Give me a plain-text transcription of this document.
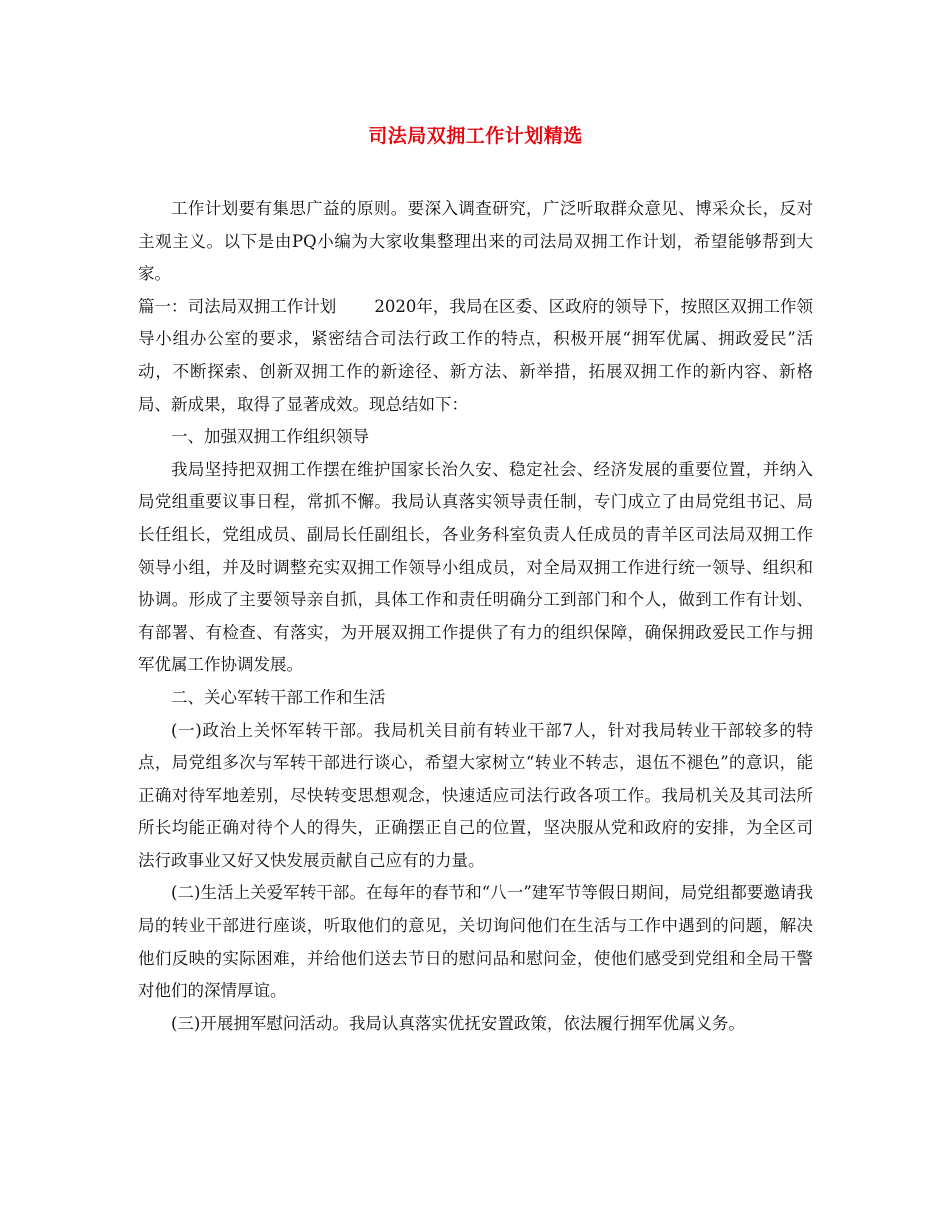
司法局双拥工作计划精选

工作计划要有集思广益的原则。要深入调查研究，广泛听取群众意见、博采众长，反对主观主义。以下是由PQ小编为大家收集整理出来的司法局双拥工作计划，希望能够帮到大家。

篇一：司法局双拥工作计划 2020年，我局在区委、区政府的领导下，按照区双拥工作领导小组办公室的要求，紧密结合司法行政工作的特点，积极开展“拥军优属、拥政爱民”活动，不断探索、创新双拥工作的新途径、新方法、新举措，拓展双拥工作的新内容、新格局、新成果，取得了显著成效。现总结如下：

一、加强双拥工作组织领导

我局坚持把双拥工作摆在维护国家长治久安、稳定社会、经济发展的重要位置，并纳入局党组重要议事日程，常抓不懈。我局认真落实领导责任制，专门成立了由局党组书记、局长任组长，党组成员、副局长任副组长，各业务科室负责人任成员的青羊区司法局双拥工作领导小组，并及时调整充实双拥工作领导小组成员，对全局双拥工作进行统一领导、组织和协调。形成了主要领导亲自抓，具体工作和责任明确分工到部门和个人，做到工作有计划、有部署、有检查、有落实，为开展双拥工作提供了有力的组织保障，确保拥政爱民工作与拥军优属工作协调发展。

二、关心军转干部工作和生活

(一)政治上关怀军转干部。我局机关目前有转业干部7人，针对我局转业干部较多的特点，局党组多次与军转干部进行谈心，希望大家树立“转业不转志，退伍不褪色”的意识，能正确对待军地差别，尽快转变思想观念，快速适应司法行政各项工作。我局机关及其司法所所长均能正确对待个人的得失，正确摆正自己的位置，坚决服从党和政府的安排，为全区司法行政事业又好又快发展贡献自己应有的力量。

(二)生活上关爱军转干部。在每年的春节和“八一”建军节等假日期间，局党组都要邀请我局的转业干部进行座谈，听取他们的意见，关切询问他们在生活与工作中遇到的问题，解决他们反映的实际困难，并给他们送去节日的慰问品和慰问金，使他们感受到党组和全局干警对他们的深情厚谊。

(三)开展拥军慰问活动。我局认真落实优抚安置政策，依法履行拥军优属义务。
